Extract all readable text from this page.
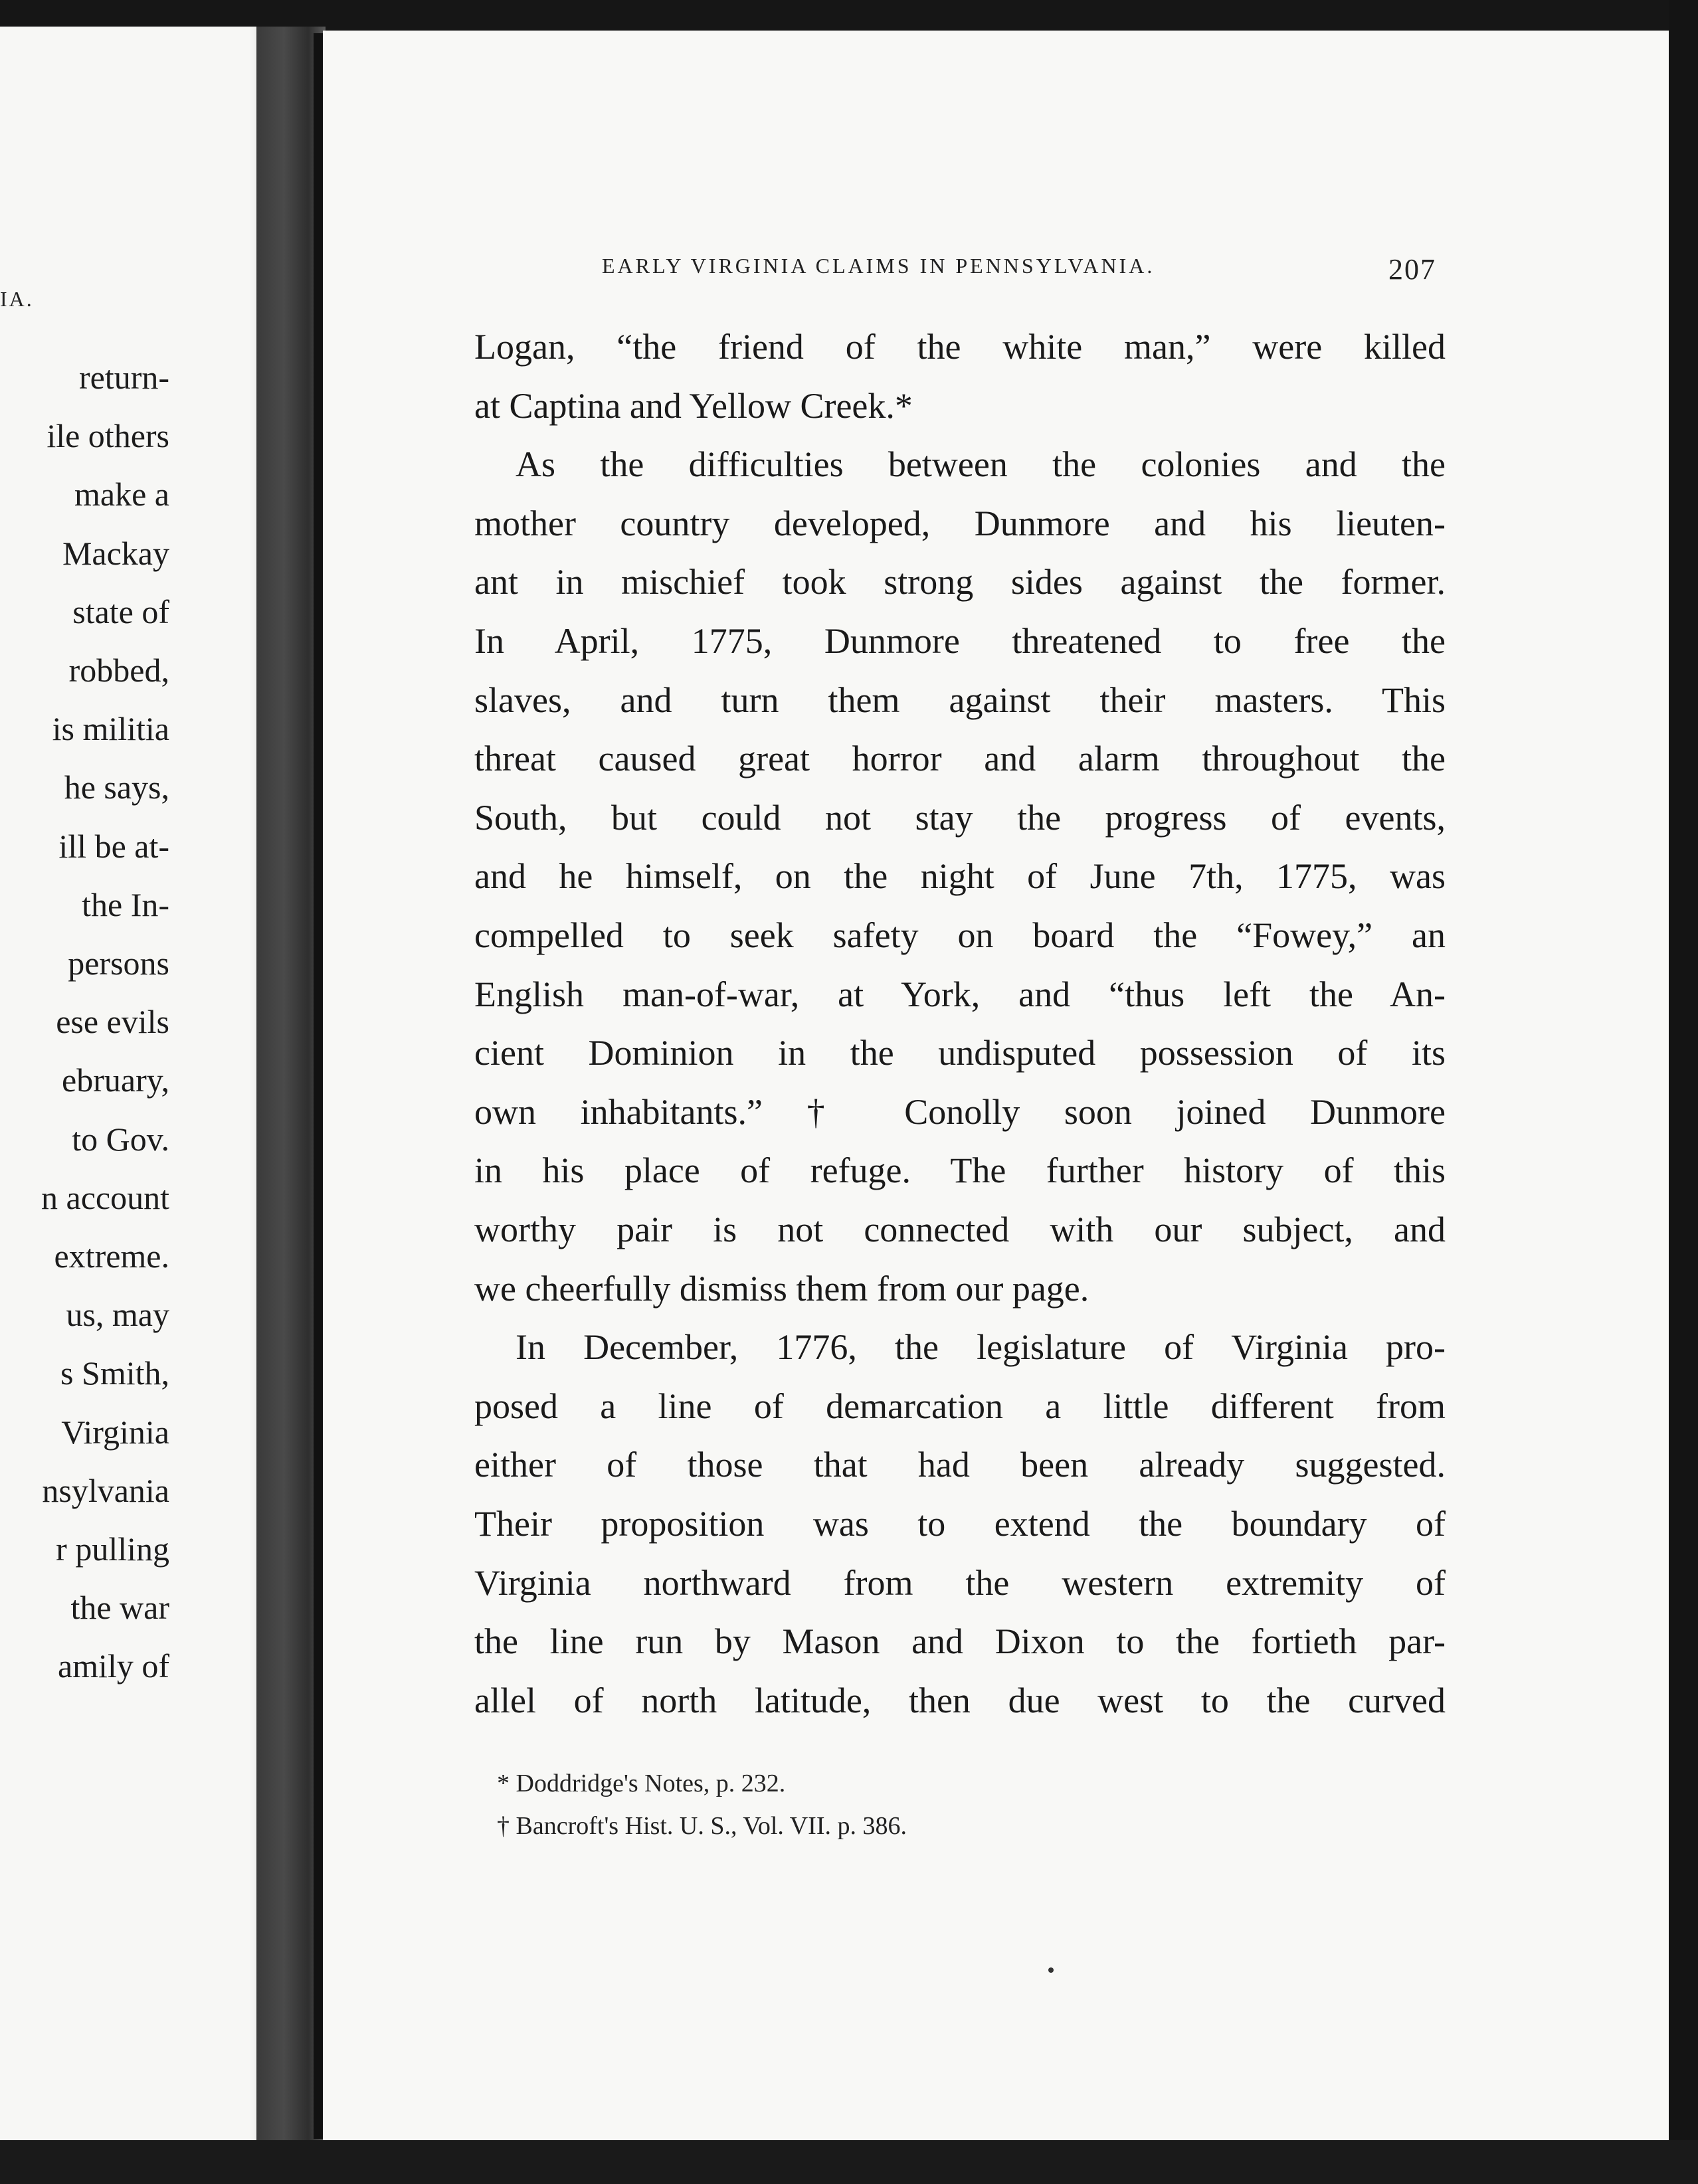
IA.
return-
ile others
make a
Mackay
state of
robbed,
is militia
he says,
ill be at-
the In-
persons
ese evils
ebruary,
to Gov.
n account
extreme.
us, may
s Smith,
Virginia
nsylvania
r pulling
the war
amily of
EARLY VIRGINIA CLAIMS IN PENNSYLVANIA.	207
Logan, “the friend of the white man,” were killed
at Captina and Yellow Creek.*
As the difficulties between the colonies and the
mother country developed, Dunmore and his lieuten-
ant in mischief took strong sides against the former.
In April, 1775, Dunmore threatened to free the
slaves, and turn them against their masters. This
threat caused great horror and alarm throughout the
South, but could not stay the progress of events,
and he himself, on the night of June 7th, 1775, was
compelled to seek safety on board the “Fowey,” an
English man-of-war, at York, and “thus left the An-
cient Dominion in the undisputed possession of its
own inhabitants.” † Conolly soon joined Dunmore
in his place of refuge. The further history of this
worthy pair is not connected with our subject, and
we cheerfully dismiss them from our page.
In December, 1776, the legislature of Virginia pro-
posed a line of demarcation a little different from
either of those that had been already suggested.
Their proposition was to extend the boundary of
Virginia northward from the western extremity of
the line run by Mason and Dixon to the fortieth par-
allel of north latitude, then due west to the curved
* Doddridge's Notes, p. 232.
† Bancroft's Hist. U. S., Vol. VII. p. 386.
